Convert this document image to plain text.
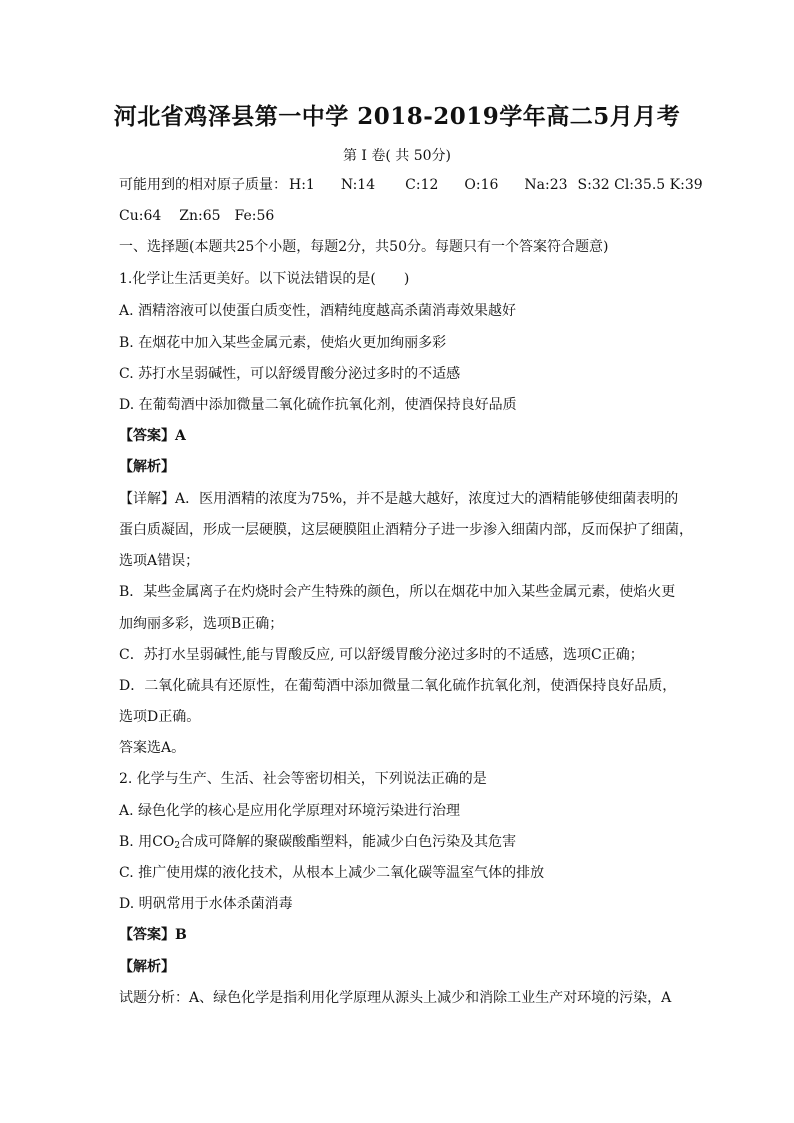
河北省鸡泽县第一中学 2018-2019学年高二5月月考
第 I 卷( 共 50分)
可能用到的相对原子质量： H:1 N:14 C:12 O:16 Na:23 S:32 Cl:35.5 K:39
Cu:64 Zn:65 Fe:56
一、选择题(本题共25个小题，每题2分，共50分。每题只有一个答案符合题意)
1.化学让生活更美好。以下说法错误的是(　　)
A. 酒精溶液可以使蛋白质变性，酒精纯度越高杀菌消毒效果越好
B. 在烟花中加入某些金属元素，使焰火更加绚丽多彩
C. 苏打水呈弱碱性，可以舒缓胃酸分泌过多时的不适感
D. 在葡萄酒中添加微量二氧化硫作抗氧化剂，使酒保持良好品质
【答案】A
【解析】
【详解】A．医用酒精的浓度为75%，并不是越大越好，浓度过大的酒精能够使细菌表明的
蛋白质凝固，形成一层硬膜，这层硬膜阻止酒精分子进一步渗入细菌内部，反而保护了细菌，
选项A错误；
B．某些金属离子在灼烧时会产生特殊的颜色，所以在烟花中加入某些金属元素，使焰火更
加绚丽多彩，选项B正确；
C．苏打水呈弱碱性,能与胃酸反应, 可以舒缓胃酸分泌过多时的不适感，选项C正确；
D．二氧化硫具有还原性，在葡萄酒中添加微量二氧化硫作抗氧化剂，使酒保持良好品质，
选项D正确。
答案选A。
2. 化学与生产、生活、社会等密切相关，下列说法正确的是
A. 绿色化学的核心是应用化学原理对环境污染进行治理
B. 用$CO_2$合成可降解的聚碳酸酯塑料，能减少白色污染及其危害
C. 推广使用煤的液化技术，从根本上减少二氧化碳等温室气体的排放
D. 明矾常用于水体杀菌消毒
【答案】B
【解析】
试题分析：A、绿色化学是指利用化学原理从源头上减少和消除工业生产对环境的污染，A
